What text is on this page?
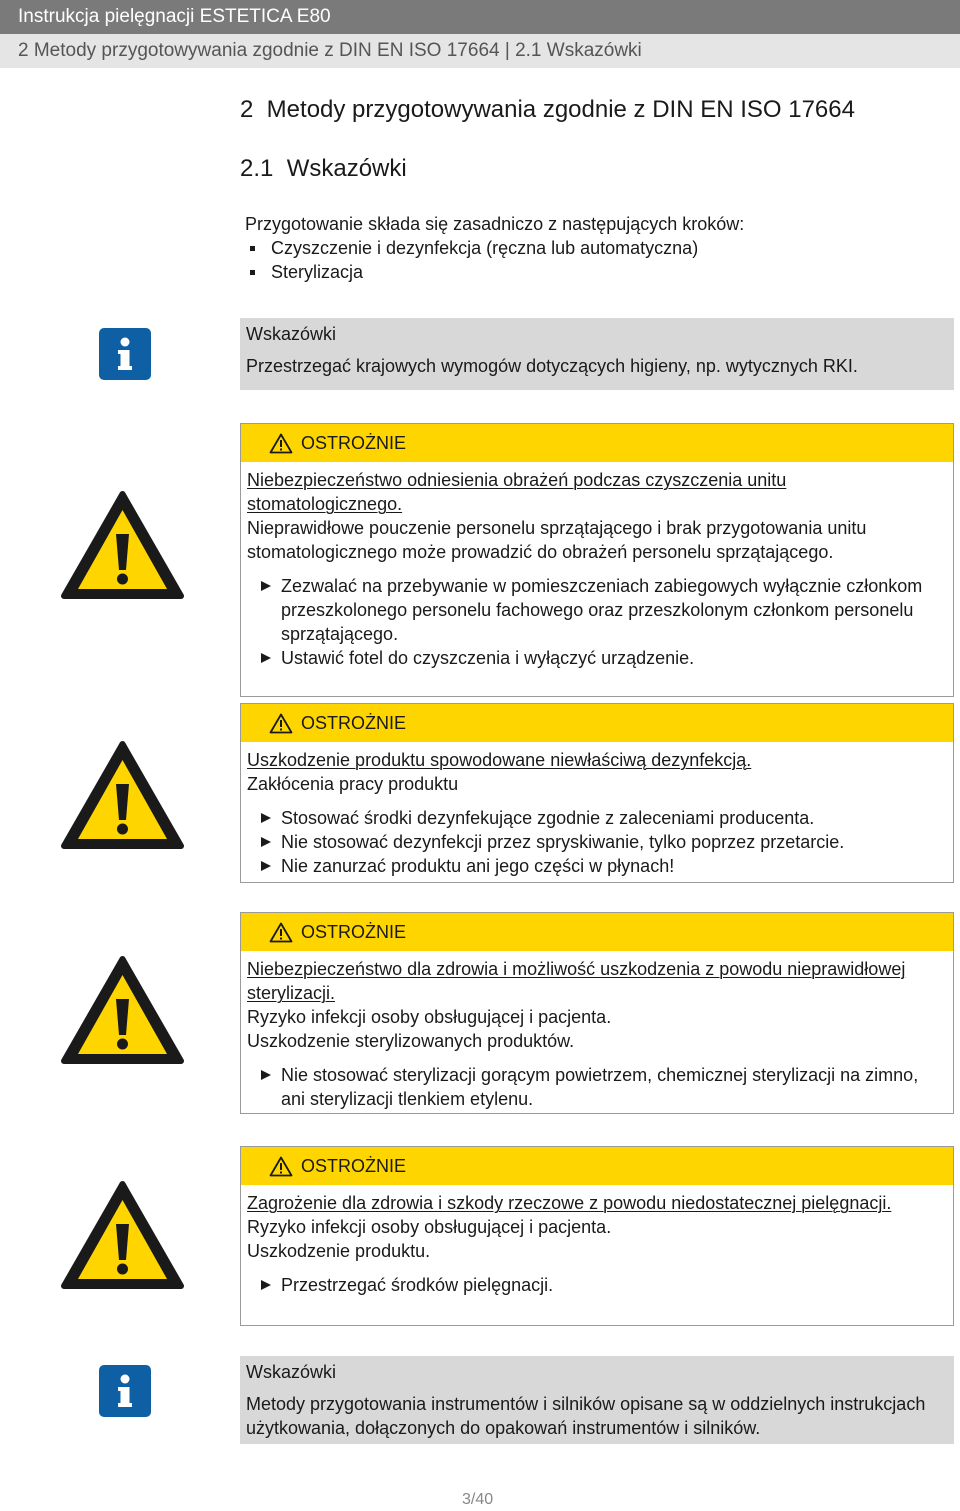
Instrukcja pielęgnacji ESTETICA E80
2 Metody przygotowywania zgodnie z DIN EN ISO 17664 | 2.1 Wskazówki
2  Metody przygotowywania zgodnie z DIN EN ISO 17664
2.1  Wskazówki
Przygotowanie składa się zasadniczo z następujących kroków:
Czyszczenie i dezynfekcja (ręczna lub automatyczna)
Sterylizacja
Wskazówki
Przestrzegać krajowych wymogów dotyczących higieny, np. wytycznych RKI.
OSTROŻNIE
Niebezpieczeństwo odniesienia obrażeń podczas czyszczenia unitu stomatologicznego.
Nieprawidłowe pouczenie personelu sprzątającego i brak przygotowania unitu stomatologicznego może prowadzić do obrażeń personelu sprzątającego.
Zezwalać na przebywanie w pomieszczeniach zabiegowych wyłącznie członkom przeszkolonego personelu fachowego oraz przeszkolonym członkom personelu sprzątającego.
Ustawić fotel do czyszczenia i wyłączyć urządzenie.
OSTROŻNIE
Uszkodzenie produktu spowodowane niewłaściwą dezynfekcją.
Zakłócenia pracy produktu
Stosować środki dezynfekujące zgodnie z zaleceniami producenta.
Nie stosować dezynfekcji przez spryskiwanie, tylko poprzez przetarcie.
Nie zanurzać produktu ani jego części w płynach!
OSTROŻNIE
Niebezpieczeństwo dla zdrowia i możliwość uszkodzenia z powodu nieprawidłowej sterylizacji.
Ryzyko infekcji osoby obsługującej i pacjenta.
Uszkodzenie sterylizowanych produktów.
Nie stosować sterylizacji gorącym powietrzem, chemicznej sterylizacji na zimno, ani sterylizacji tlenkiem etylenu.
OSTROŻNIE
Zagrożenie dla zdrowia i szkody rzeczowe z powodu niedostatecznej pielęgnacji.
Ryzyko infekcji osoby obsługującej i pacjenta.
Uszkodzenie produktu.
Przestrzegać środków pielęgnacji.
Wskazówki
Metody przygotowania instrumentów i silników opisane są w oddzielnych instrukcjach użytkowania, dołączonych do opakowań instrumentów i silników.
3/40
